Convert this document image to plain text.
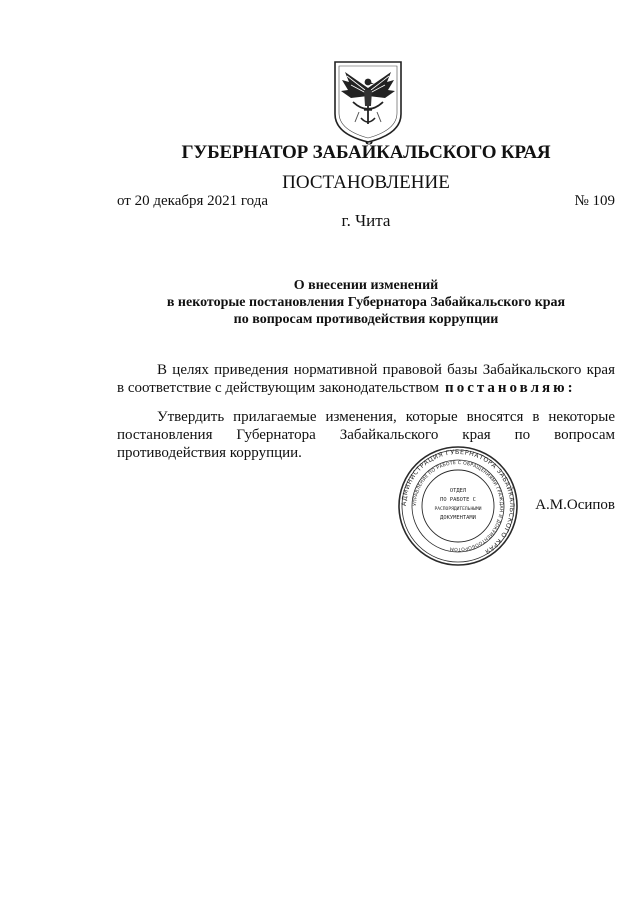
ГУБЕРНАТОР ЗАБАЙКАЛЬСКОГО КРАЯ
ПОСТАНОВЛЕНИЕ
от 20 декабря 2021 года	№ 109
г. Чита
О внесении изменений
в некоторые постановления Губернатора Забайкальского края
по вопросам противодействия коррупции
В целях приведения нормативной правовой базы Забайкальского края
в соответствие с действующим законодательством постановляю:
Утвердить прилагаемые изменения, которые вносятся в некоторые
постановления Губернатора Забайкальского края по вопросам
противодействия коррупции.
АДМИНИСТРАЦИЯ ГУБЕРНАТОРА ЗАБАЙКАЛЬСКОГО КРАЯ
УПРАВЛЕНИЕ ПО РАБОТЕ С ОБРАЩЕНИЯМИ ГРАЖДАН И ДОКУМЕНТООБОРОТОМ
ОТДЕЛ
ПО РАБОТЕ С
РАСПОРЯДИТЕЛЬНЫМИ
ДОКУМЕНТАМИ
А.М.Осипов
